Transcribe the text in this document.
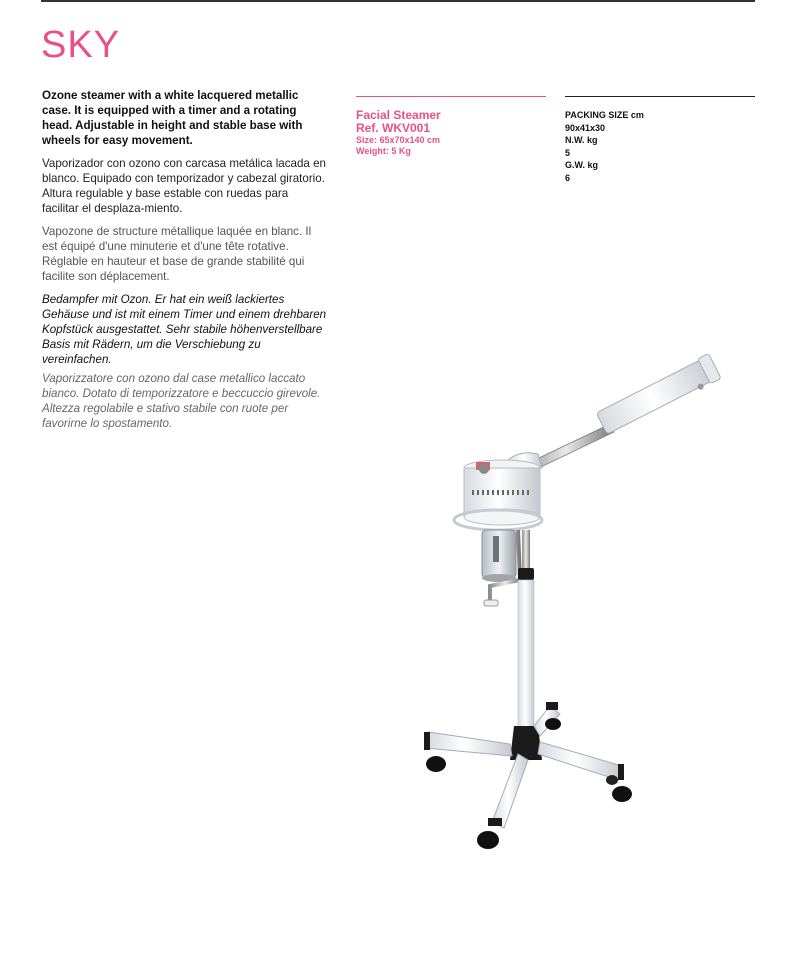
SKY

Ozone steamer with a white lacquered metallic case. It is equipped with a timer and a rotating head. Adjustable in height and stable base with wheels for easy movement.

Vaporizador con ozono con carcasa metálica lacada en blanco. Equipado con temporizador y cabezal giratorio. Altura regulable y base estable con ruedas para facilitar el desplaza-miento.

Vapozone de structure métallique laquée en blanc. Il est équipé d'une minuterie et d'une tête rotative. Réglable en hauteur et base de grande stabilité qui facilite son déplacement.

Bedampfer mit Ozon. Er hat ein weiß lackiertes Gehäuse und ist mit einem Timer und einem drehbaren Kopfstück ausgestattet. Sehr stabile höhenverstellbare Basis mit Rädern, um die Verschiebung zu vereinfachen.

Vaporizzatore con ozono dal case metallico laccato bianco. Dotato di temporizzatore e beccuccio girevole. Altezza regolabile e stativo stabile con ruote per favorirne lo spostamento.

Facial Steamer
Ref. WKV001
Size: 65x70x140 cm
Weight: 5 Kg
PACKING SIZE cm
90x41x30
N.W. kg
5
G.W. kg
6
